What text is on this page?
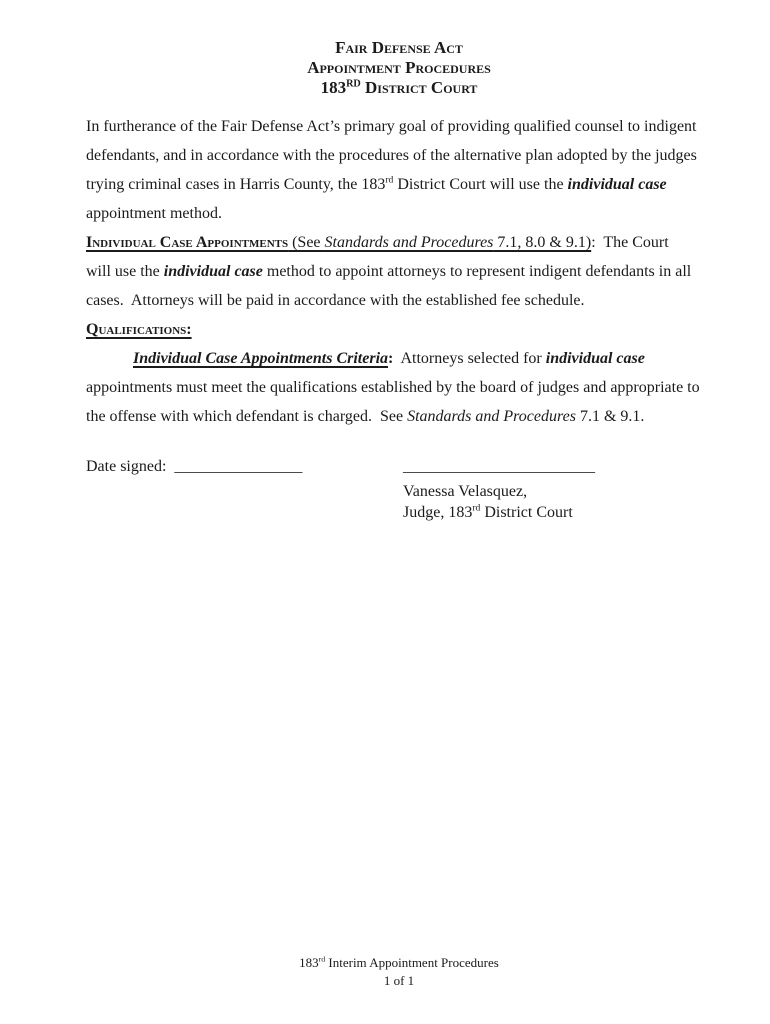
Fair Defense Act
Appointment Procedures
183RD District Court
In furtherance of the Fair Defense Act’s primary goal of providing qualified counsel to indigent
defendants, and in accordance with the procedures of the alternative plan adopted by the judges
trying criminal cases in Harris County, the 183rd District Court will use the individual case
appointment method.
Individual Case Appointments (See Standards and Procedures 7.1, 8.0 & 9.1):  The Court
will use the individual case method to appoint attorneys to represent indigent defendants in all
cases.  Attorneys will be paid in accordance with the established fee schedule.
Qualifications:
Individual Case Appointments Criteria:  Attorneys selected for individual case
appointments must meet the qualifications established by the board of judges and appropriate to
the offense with which defendant is charged.  See Standards and Procedures 7.1 & 9.1.
Date signed:  ________________	________________________
Vanessa Velasquez,
Judge, 183rd District Court
183rd Interim Appointment Procedures
1 of 1
